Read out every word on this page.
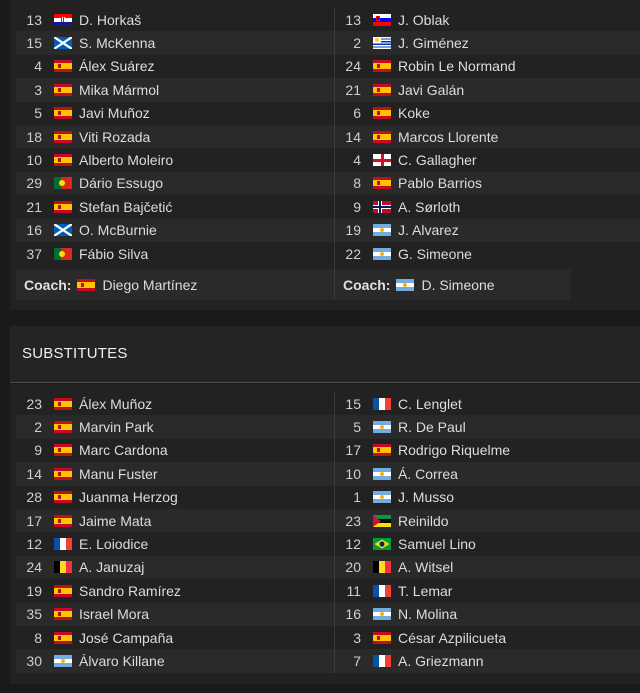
13	D. Horkaš
15	S. McKenna
4	Álex Suárez
3	Mika Mármol
5	Javi Muñoz
18	Viti Rozada
10	Alberto Moleiro
29	Dário Essugo
21	Stefan Bajčetić
16	O. McBurnie
37	Fábio Silva
Coach: Diego Martínez
13	J. Oblak
2	J. Giménez
24	Robin Le Normand
21	Javi Galán
6	Koke
14	Marcos Llorente
4	C. Gallagher
8	Pablo Barrios
9	A. Sørloth
19	J. Alvarez
22	G. Simeone
Coach: D. Simeone
SUBSTITUTES
23	Álex Muñoz
2	Marvin Park
9	Marc Cardona
14	Manu Fuster
28	Juanma Herzog
17	Jaime Mata
12	E. Loiodice
24	A. Januzaj
19	Sandro Ramírez
35	Israel Mora
8	José Campaña
30	Álvaro Killane
15	C. Lenglet
5	R. De Paul
17	Rodrigo Riquelme
10	Á. Correa
1	J. Musso
23	Reinildo
12	Samuel Lino
20	A. Witsel
11	T. Lemar
16	N. Molina
3	César Azpilicueta
7	A. Griezmann
